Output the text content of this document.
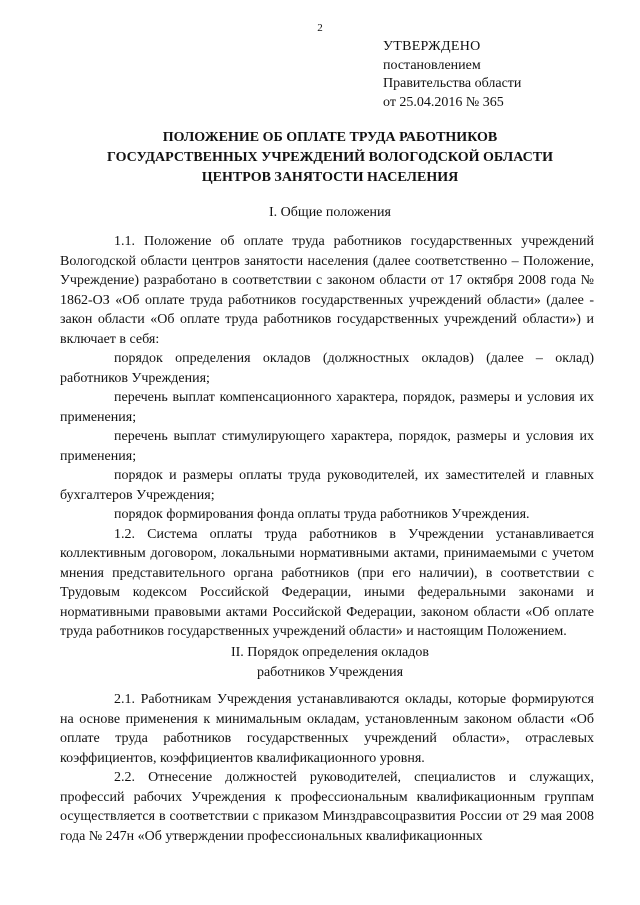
2
УТВЕРЖДЕНО
постановлением
Правительства области
от 25.04.2016 № 365
ПОЛОЖЕНИЕ ОБ ОПЛАТЕ ТРУДА РАБОТНИКОВ
ГОСУДАРСТВЕННЫХ УЧРЕЖДЕНИЙ ВОЛОГОДСКОЙ ОБЛАСТИ
ЦЕНТРОВ ЗАНЯТОСТИ НАСЕЛЕНИЯ
I. Общие положения

1.1. Положение об оплате труда работников государственных учреждений Вологодской области центров занятости населения (далее соответственно – Положение, Учреждение) разработано в соответствии с законом области от 17 октября 2008 года № 1862-ОЗ «Об оплате труда работников государственных учреждений области» (далее - закон области «Об оплате труда работников государственных учреждений области») и включает в себя:

порядок определения окладов (должностных окладов) (далее – оклад) работников Учреждения;

перечень выплат компенсационного характера, порядок, размеры и условия их применения;

перечень выплат стимулирующего характера, порядок, размеры и условия их применения;

порядок и размеры оплаты труда руководителей, их заместителей и главных бухгалтеров Учреждения;

порядок формирования фонда оплаты труда работников Учреждения.

1.2. Система оплаты труда работников в Учреждении устанавливается коллективным договором, локальными нормативными актами, принимаемыми с учетом мнения представительного органа работников (при его наличии), в соответствии с Трудовым кодексом Российской Федерации, иными федеральными законами и нормативными правовыми актами Российской Федерации, законом области «Об оплате труда работников государственных учреждений области» и настоящим Положением.

II. Порядок определения окладов
работников Учреждения

2.1. Работникам Учреждения устанавливаются оклады, которые формируются на основе применения к минимальным окладам, установленным законом области «Об оплате труда работников государственных учреждений области», отраслевых коэффициентов, коэффициентов квалификационного уровня.

2.2. Отнесение должностей руководителей, специалистов и служащих, профессий рабочих Учреждения к профессиональным квалификационным группам осуществляется в соответствии с приказом Минздравсоцразвития России от 29 мая 2008 года № 247н «Об утверждении профессиональных квалификационных
